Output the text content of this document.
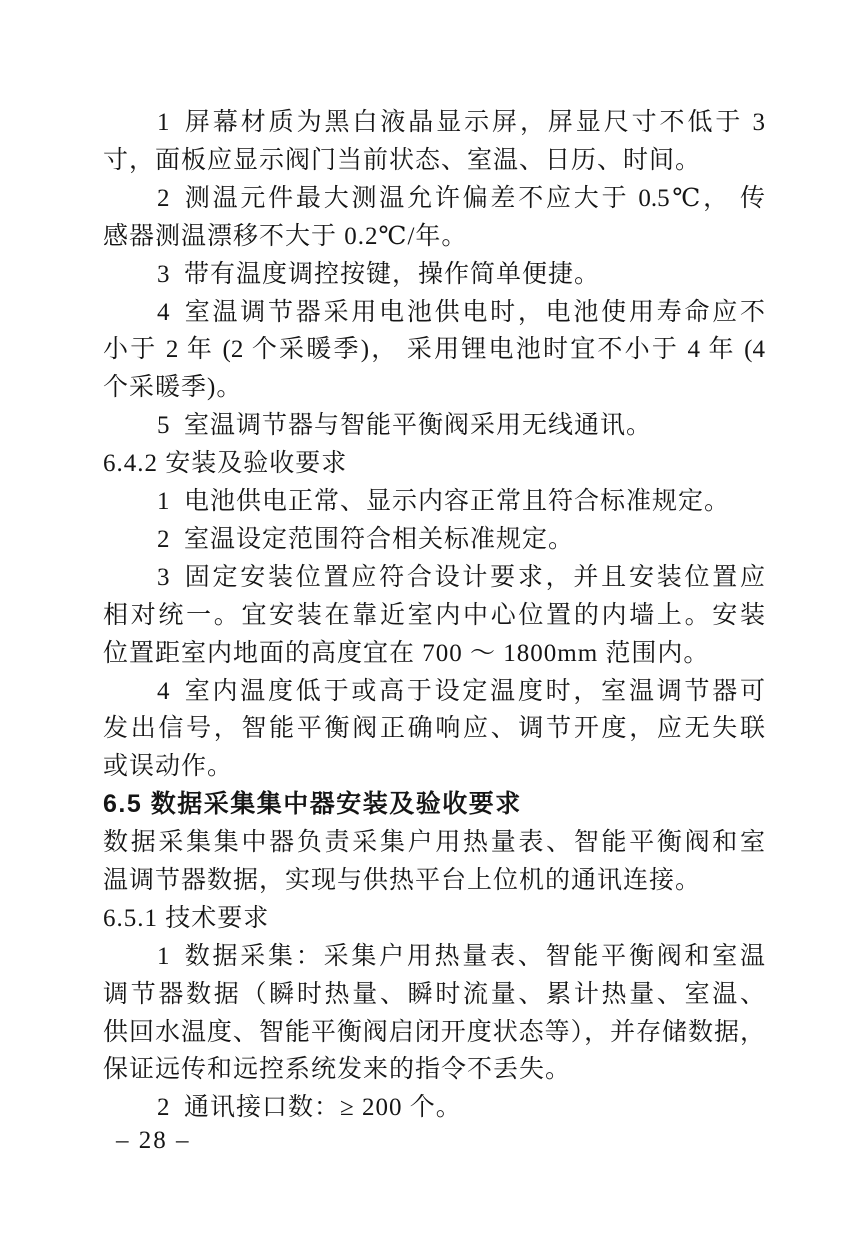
1 屏幕材质为黑白液晶显示屏，屏显尺寸不低于 3
寸，面板应显示阀门当前状态、室温、日历、时间。
2 测温元件最大测温允许偏差不应大于 0.5℃， 传
感器测温漂移不大于 0.2℃/年。
3 带有温度调控按键，操作简单便捷。
4 室温调节器采用电池供电时，电池使用寿命应不
小于 2 年 (2 个采暖季)， 采用锂电池时宜不小于 4 年 (4
个采暖季)。
5 室温调节器与智能平衡阀采用无线通讯。
6.4.2 安装及验收要求
1 电池供电正常、显示内容正常且符合标准规定。
2 室温设定范围符合相关标准规定。
3 固定安装位置应符合设计要求，并且安装位置应
相对统一。宜安装在靠近室内中心位置的内墙上。安装
位置距室内地面的高度宜在 700 ～ 1800mm 范围内。
4 室内温度低于或高于设定温度时，室温调节器可
发出信号，智能平衡阀正确响应、调节开度，应无失联
或误动作。
6.5 数据采集集中器安装及验收要求
数据采集集中器负责采集户用热量表、智能平衡阀和室
温调节器数据，实现与供热平台上位机的通讯连接。
6.5.1 技术要求
1 数据采集：采集户用热量表、智能平衡阀和室温
调节器数据（瞬时热量、瞬时流量、累计热量、室温、
供回水温度、智能平衡阀启闭开度状态等），并存储数据，
保证远传和远控系统发来的指令不丢失。
2 通讯接口数：≥ 200 个。
– 28 –
